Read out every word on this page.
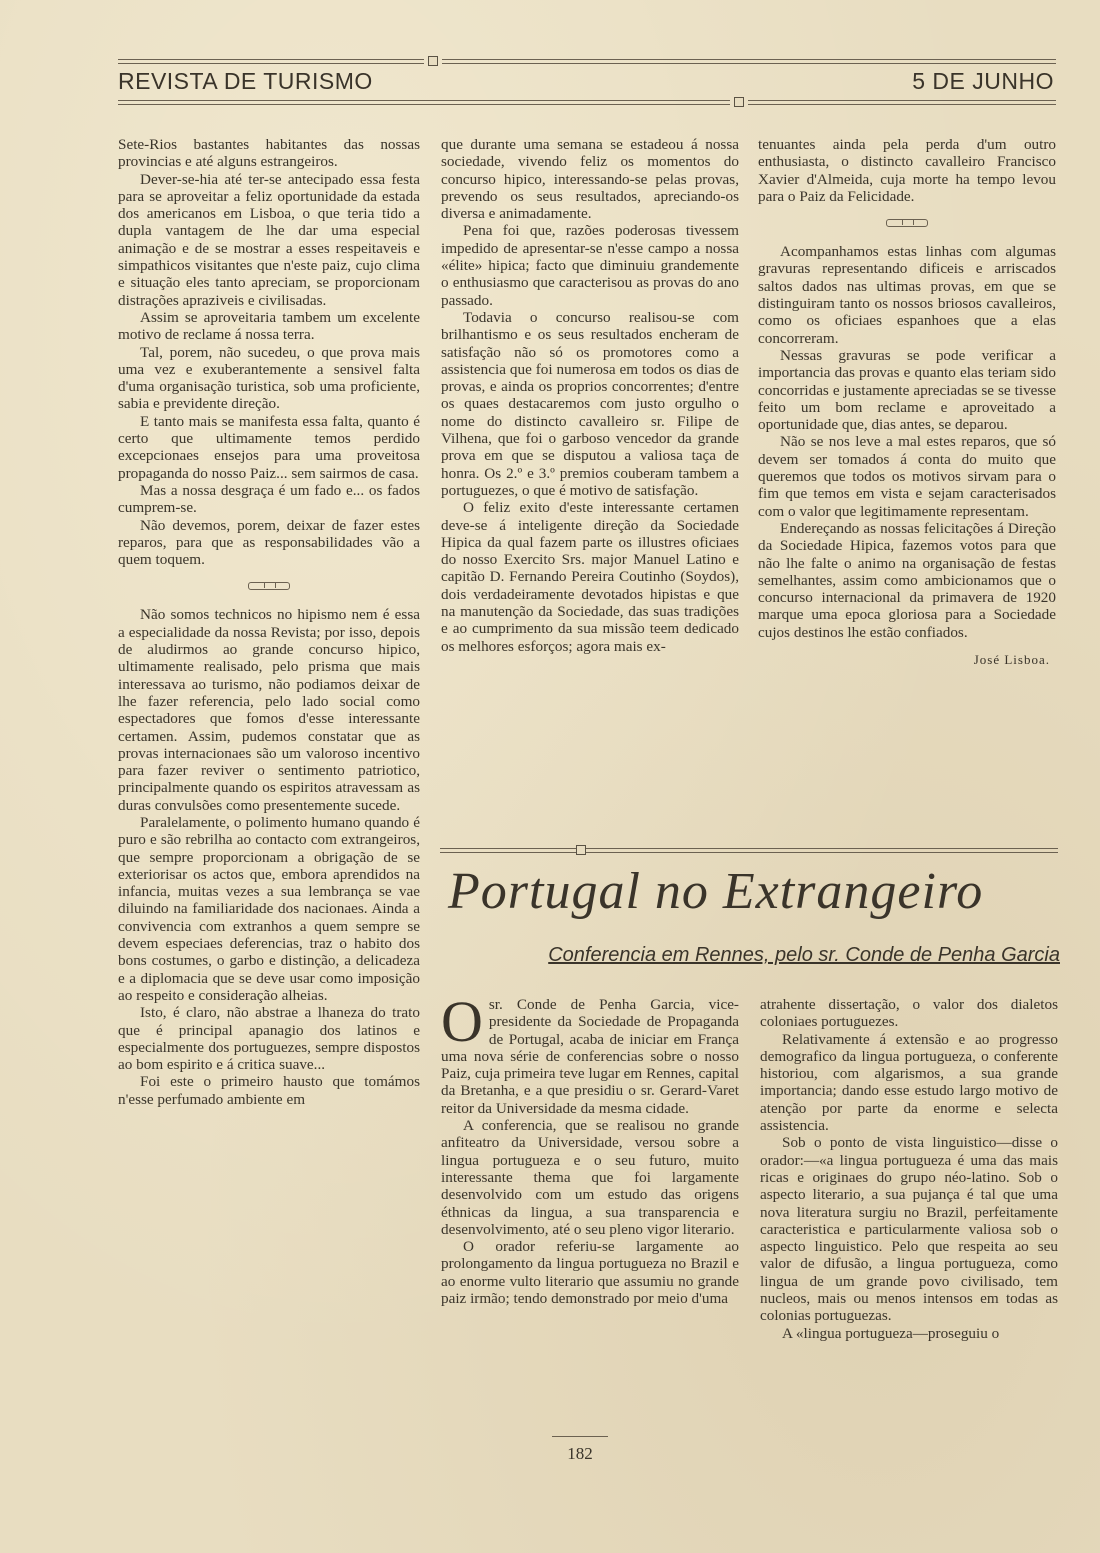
REVISTA DE TURISMO	5 DE JUNHO

Sete-Rios bastantes habitantes das nossas provincias e até alguns estrangeiros.

Dever-se-hia até ter-se antecipado essa festa para se aproveitar a feliz oportunidade da estada dos americanos em Lisboa, o que teria tido a dupla vantagem de lhe dar uma especial animação e de se mostrar a esses respeitaveis e simpathicos visitantes que n'este paiz, cujo clima e situação eles tanto apreciam, se proporcionam distrações apraziveis e civilisadas.

Assim se aproveitaria tambem um excelente motivo de reclame á nossa terra.

Tal, porem, não sucedeu, o que prova mais uma vez e exuberantemente a sensivel falta d'uma organisação turistica, sob uma proficiente, sabia e previdente direção.

E tanto mais se manifesta essa falta, quanto é certo que ultimamente temos perdido excepcionaes ensejos para uma proveitosa propaganda do nosso Paiz... sem sairmos de casa.

Mas a nossa desgraça é um fado e... os fados cumprem-se.

Não devemos, porem, deixar de fazer estes reparos, para que as responsabilidades vão a quem toquem.

Não somos technicos no hipismo nem é essa a especialidade da nossa Revista; por isso, depois de aludirmos ao grande concurso hipico, ultimamente realisado, pelo prisma que mais interessava ao turismo, não podiamos deixar de lhe fazer referencia, pelo lado social como espectadores que fomos d'esse interessante certamen. Assim, pudemos constatar que as provas internacionaes são um valoroso incentivo para fazer reviver o sentimento patriotico, principalmente quando os espiritos atravessam as duras convulsões como presentemente sucede.

Paralelamente, o polimento humano quando é puro e são rebrilha ao contacto com extrangeiros, que sempre proporcionam a obrigação de se exteriorisar os actos que, embora aprendidos na infancia, muitas vezes a sua lembrança se vae diluindo na familiaridade dos nacionaes. Ainda a convivencia com extranhos a quem sempre se devem especiaes deferencias, traz o habito dos bons costumes, o garbo e distinção, a delicadeza e a diplomacia que se deve usar como imposição ao respeito e consideração alheias.

Isto, é claro, não abstrae a lhaneza do trato que é principal apanagio dos latinos e especialmente dos portuguezes, sempre dispostos ao bom espirito e á critica suave...

Foi este o primeiro hausto que tomámos n'esse perfumado ambiente em

que durante uma semana se estadeou á nossa sociedade, vivendo feliz os momentos do concurso hipico, interessando-se pelas provas, prevendo os seus resultados, apreciando-os diversa e animadamente.

Pena foi que, razões poderosas tivessem impedido de apresentar-se n'esse campo a nossa «élite» hipica; facto que diminuiu grandemente o enthusiasmo que caracterisou as provas do ano passado.

Todavia o concurso realisou-se com brilhantismo e os seus resultados encheram de satisfação não só os promotores como a assistencia que foi numerosa em todos os dias de provas, e ainda os proprios concorrentes; d'entre os quaes destacaremos com justo orgulho o nome do distincto cavalleiro sr. Filipe de Vilhena, que foi o garboso vencedor da grande prova em que se disputou a valiosa taça de honra. Os 2.º e 3.º premios couberam tambem a portuguezes, o que é motivo de satisfação.

O feliz exito d'este interessante certamen deve-se á inteligente direção da Sociedade Hipica da qual fazem parte os illustres oficiaes do nosso Exercito Srs. major Manuel Latino e capitão D. Fernando Pereira Coutinho (Soydos), dois verdadeiramente devotados hipistas e que na manutenção da Sociedade, das suas tradições e ao cumprimento da sua missão teem dedicado os melhores esforços; agora mais ex-

tenuantes ainda pela perda d'um outro enthusiasta, o distincto cavalleiro Francisco Xavier d'Almeida, cuja morte ha tempo levou para o Paiz da Felicidade.

Acompanhamos estas linhas com algumas gravuras representando dificeis e arriscados saltos dados nas ultimas provas, em que se distinguiram tanto os nossos briosos cavalleiros, como os oficiaes espanhoes que a elas concorreram.

Nessas gravuras se pode verificar a importancia das provas e quanto elas teriam sido concorridas e justamente apreciadas se se tivesse feito um bom reclame e aproveitado a oportunidade que, dias antes, se deparou.

Não se nos leve a mal estes reparos, que só devem ser tomados á conta do muito que queremos que todos os motivos sirvam para o fim que temos em vista e sejam caracterisados com o valor que legitimamente representam.

Endereçando as nossas felicitações á Direção da Sociedade Hipica, fazemos votos para que não lhe falte o animo na organisação de festas semelhantes, assim como ambicionamos que o concurso internacional da primavera de 1920 marque uma epoca gloriosa para a Sociedade cujos destinos lhe estão confiados.

José Lisboa.
Portugal no Extrangeiro
Conferencia em Rennes, pelo sr. Conde de Penha Garcia

Osr. Conde de Penha Garcia, vice-presidente da Sociedade de Propaganda de Portugal, acaba de iniciar em França uma nova série de conferencias sobre o nosso Paiz, cuja primeira teve lugar em Rennes, capital da Bretanha, e a que presidiu o sr. Gerard-Varet reitor da Universidade da mesma cidade.

A conferencia, que se realisou no grande anfiteatro da Universidade, versou sobre a lingua portugueza e o seu futuro, muito interessante thema que foi largamente desenvolvido com um estudo das origens éthnicas da lingua, a sua transparencia e desenvolvimento, até o seu pleno vigor literario.

O orador referiu-se largamente ao prolongamento da lingua portugueza no Brazil e ao enorme vulto literario que assumiu no grande paiz irmão; tendo demonstrado por meio d'uma

atrahente dissertação, o valor dos dialetos coloniaes portuguezes.

Relativamente á extensão e ao progresso demografico da lingua portugueza, o conferente historiou, com algarismos, a sua grande importancia; dando esse estudo largo motivo de atenção por parte da enorme e selecta assistencia.

Sob o ponto de vista linguistico—disse o orador:—«a lingua portugueza é uma das mais ricas e originaes do grupo néo-latino. Sob o aspecto literario, a sua pujança é tal que uma nova literatura surgiu no Brazil, perfeitamente caracteristica e particularmente valiosa sob o aspecto linguistico. Pelo que respeita ao seu valor de difusão, a lingua portugueza, como lingua de um grande povo civilisado, tem nucleos, mais ou menos intensos em todas as colonias portuguezas.

A «lingua portugueza—proseguiu o

182
